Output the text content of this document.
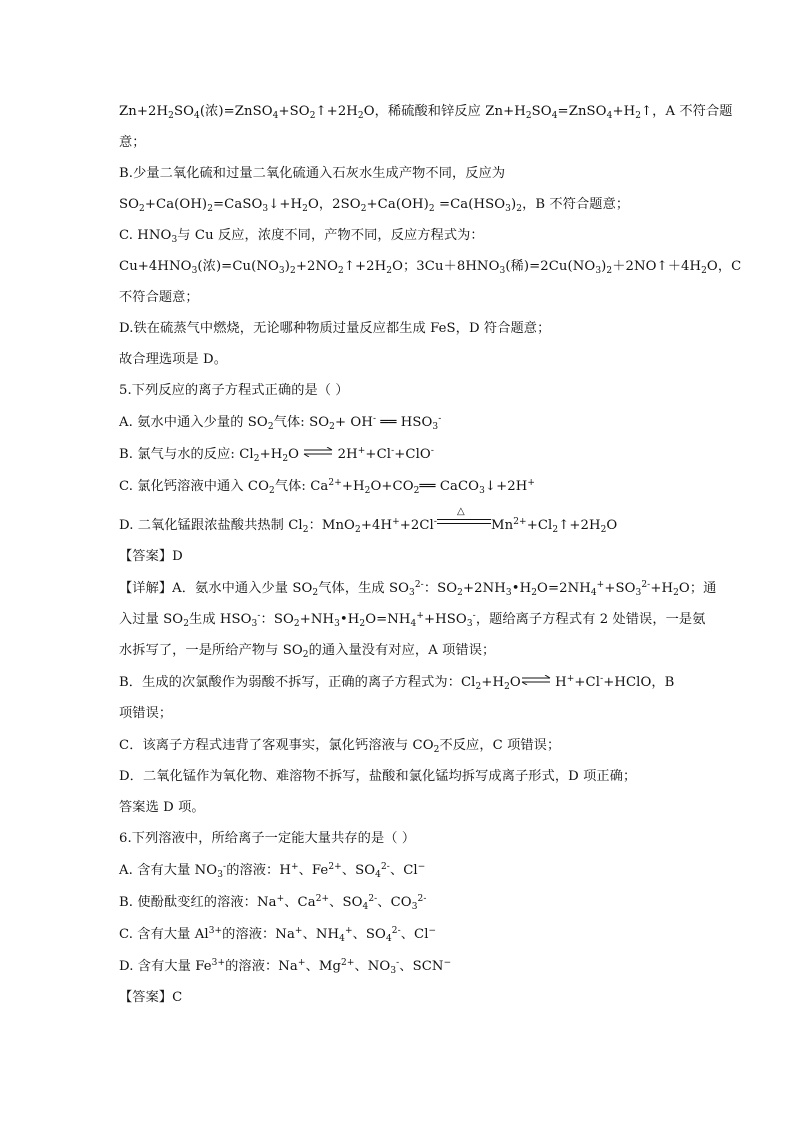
$Zn+2H_2SO_4$(浓)$=ZnSO_4+SO_2↑+2H_2O$，稀硫酸和锌反应 $Zn+H_2SO_4=ZnSO_4+H_2↑$，A 不符合题
意；
B.少量二氧化硫和过量二氧化硫通入石灰水生成产物不同，反应为
$SO_2+Ca(OH)_2=CaSO_3↓+H_2O$，$2SO_2+Ca(OH)_2 =Ca(HSO_3)_2$，B 不符合题意；
C. $HNO_3$与 Cu 反应，浓度不同，产物不同，反应方程式为：
$Cu+4HNO_3$(浓)$=Cu(NO_3)_2+2NO_2↑+2H_2O$；$3Cu+8HNO_3$(稀)$=2Cu(NO_3)_2+2NO↑+4H_2O$，C
不符合题意；
D.铁在硫蒸气中燃烧，无论哪种物质过量反应都生成 FeS，D 符合题意；
故合理选项是 D。
5.下列反应的离子方程式正确的是（ ）
A. 氨水中通入少量的 $SO_2$气体: $SO_2+ OH^-$ ══ $HSO_3^-$
B. 氯气与水的反应: $Cl_2+H_2O$ ⇌ 2H++Cl-+ClO-
C. 氯化钙溶液中通入 $CO_2$气体: $Ca^{2+}+H_2O+CO_2══$ CaCO$_3$↓+2H+
D. 二氧化锰跟浓盐酸共热制 $Cl_2$：MnO$_2$+4H++2Cl-
△
$Mn^{2+}+Cl_2↑+2H_2O$
【答案】D
【详解】A．氨水中通入少量 $SO_2$气体，生成 $SO_3^{2-}$：$SO_2+2NH_3•H_2O=2NH_4^++SO_3^{2-}+H_2O$；通
入过量 $SO_2$生成 $HSO_3^-$：$SO_2+NH_3•H_2O=NH_4^++HSO_3^-$，题给离子方程式有 2 处错误，一是氨
水拆写了，一是所给产物与 $SO_2$的通入量没有对应，A 项错误；
B．生成的次氯酸作为弱酸不拆写，正确的离子方程式为：$Cl_2+H_2O\rightleftharpoons$ H++Cl-+HClO，B
项错误；
C．该离子方程式违背了客观事实，氯化钙溶液与 $CO_2$不反应，C 项错误；
D．二氧化锰作为氧化物、难溶物不拆写，盐酸和氯化锰均拆写成离子形式，D 项正确；
答案选 D 项。
6.下列溶液中，所给离子一定能大量共存的是（ ）
A. 含有大量 $NO_3^-$的溶液：H+、$Fe^{2+}$、$SO_4^{2-}$、Cl−
B. 使酚酞变红的溶液：Na+、$Ca^{2+}$、$SO_4^{2-}$、$CO_3^{2-}$
C. 含有大量 $Al^{3+}$的溶液：Na+、$NH_4^+$、$SO_4^{2-}$、Cl−
D. 含有大量 $Fe^{3+}$的溶液：Na+、$Mg^{2+}$、$NO_3^-$、SCN−
【答案】C
